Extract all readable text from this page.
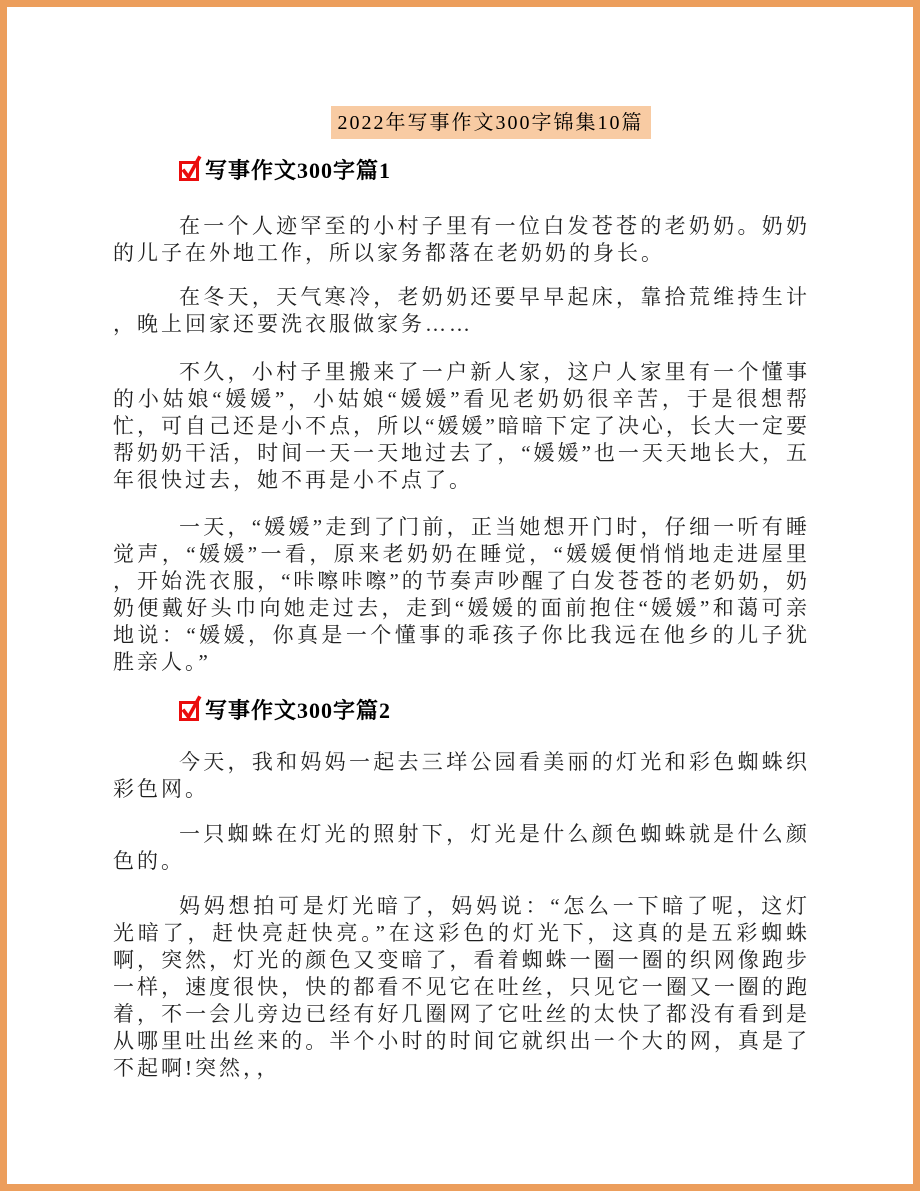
2022年写事作文300字锦集10篇
写事作文300字篇1

在一个人迹罕至的小村子里有一位白发苍苍的老奶奶。奶奶的儿子在外地工作，所以家务都落在老奶奶的身长。

在冬天，天气寒冷，老奶奶还要早早起床，靠拾荒维持生计，晚上回家还要洗衣服做家务……

不久，小村子里搬来了一户新人家，这户人家里有一个懂事的小姑娘“媛媛”，小姑娘“媛媛”看见老奶奶很辛苦，于是很想帮忙，可自己还是小不点，所以“媛媛”暗暗下定了决心，长大一定要帮奶奶干活，时间一天一天地过去了，“媛媛”也一天天地长大，五年很快过去，她不再是小不点了。

一天，“媛媛”走到了门前，正当她想开门时，仔细一听有睡觉声，“媛媛”一看，原来老奶奶在睡觉，“媛媛便悄悄地走进屋里，开始洗衣服，“咔嚓咔嚓”的节奏声吵醒了白发苍苍的老奶奶，奶奶便戴好头巾向她走过去，走到“媛媛的面前抱住“媛媛”和蔼可亲地说：“媛媛，你真是一个懂事的乖孩子你比我远在他乡的儿子犹胜亲人。”

写事作文300字篇2

今天，我和妈妈一起去三垟公园看美丽的灯光和彩色蜘蛛织彩色网。

一只蜘蛛在灯光的照射下，灯光是什么颜色蜘蛛就是什么颜色的。

妈妈想拍可是灯光暗了，妈妈说：“怎么一下暗了呢，这灯光暗了，赶快亮赶快亮。”在这彩色的灯光下，这真的是五彩蜘蛛啊，突然，灯光的颜色又变暗了，看着蜘蛛一圈一圈的织网像跑步一样，速度很快，快的都看不见它在吐丝，只见它一圈又一圈的跑着，不一会儿旁边已经有好几圈网了它吐丝的太快了都没有看到是从哪里吐出丝来的。半个小时的时间它就织出一个大的网，真是了不起啊!突然，，
